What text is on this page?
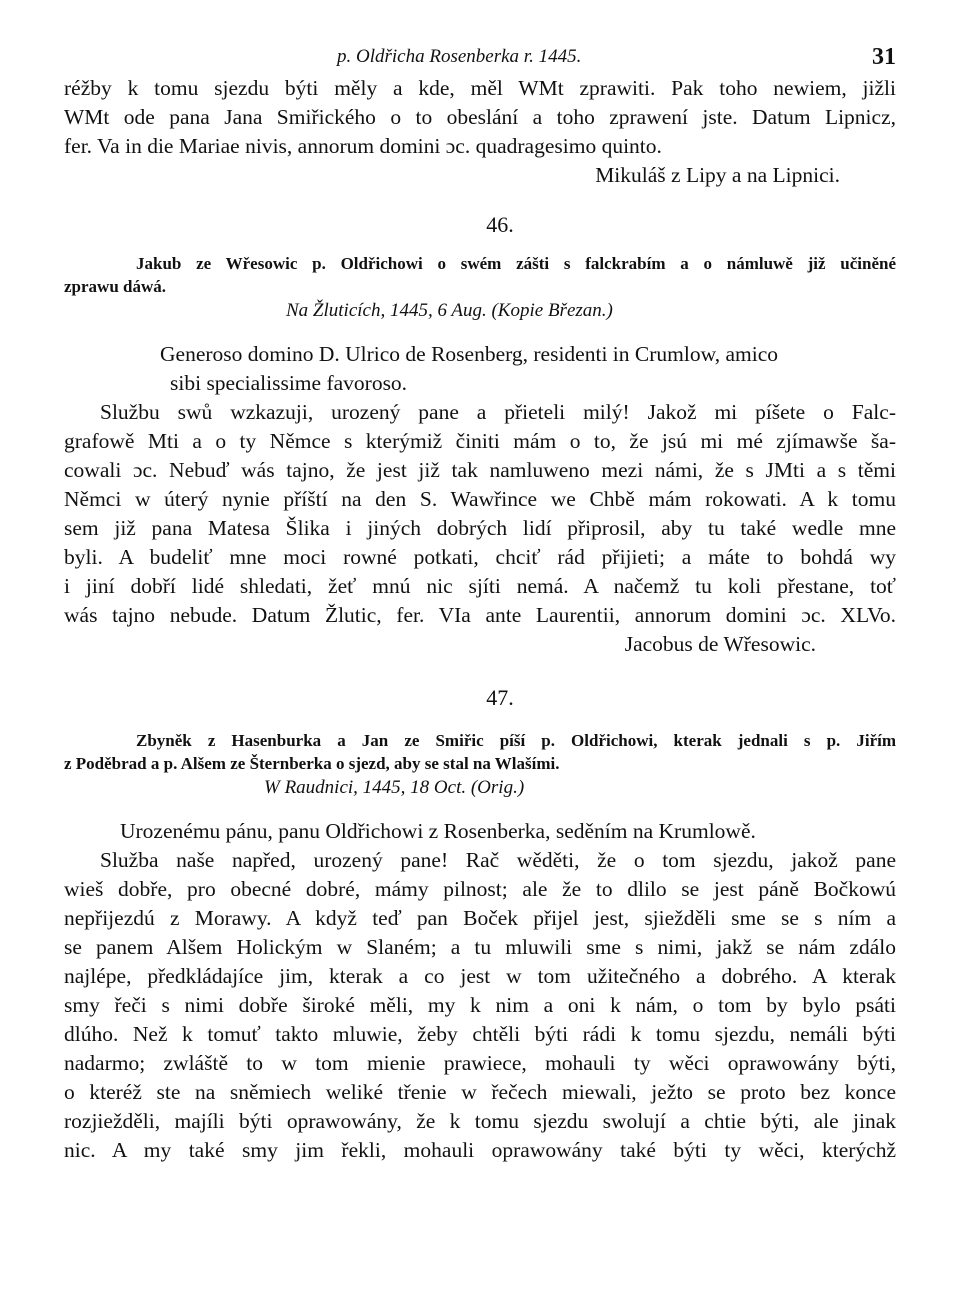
p. Oldřicha Rosenberka r. 1445.	31
réžby k tomu sjezdu býti měly a kde, měl WMt zprawiti. Pak toho newiem, jižli
WMt ode pana Jana Smiřického o to obeslání a toho zprawení jste. Datum Lipnicz,
fer. Va in die Mariae nivis, annorum domini ɔc. quadragesimo quinto.
Mikuláš z Lipy a na Lipnici.
46.
Jakub ze Wřesowic p. Oldřichowi o swém zášti s falckrabím a o námluwě již učiněné
zprawu dáwá.
Na Žluticích, 1445, 6 Aug. (Kopie Březan.)
Generoso domino D. Ulrico de Rosenberg, residenti in Crumlow, amico
sibi specialissime favoroso.
Službu swů wzkazuji, urozený pane a přieteli milý! Jakož mi píšete o Falc-
grafowě Mti a o ty Němce s kterýmiž činiti mám o to, že jsú mi mé zjímawše ša-
cowali ɔc. Nebuď wás tajno, že jest již tak namluweno mezi námi, že s JMti a s těmi
Němci w úterý nynie příští na den S. Wawřince we Chbě mám rokowati. A k tomu
sem již pana Matesa Šlika i jiných dobrých lidí připrosil, aby tu také wedle mne
byli. A budeliť mne moci rowné potkati, chciť rád přijieti; a máte to bohdá wy
i jiní dobří lidé shledati, žeť mnú nic sjíti nemá. A načemž tu koli přestane, toť
wás tajno nebude. Datum Žlutic, fer. VIa ante Laurentii, annorum domini ɔc. XLVo.
Jacobus de Wřesowic.
47.
Zbyněk z Hasenburka a Jan ze Smiřic píší p. Oldřichowi, kterak jednali s p. Jiřím
z Poděbrad a p. Alšem ze Šternberka o sjezd, aby se stal na Wlašími.
W Raudnici, 1445, 18 Oct. (Orig.)
Urozenému pánu, panu Oldřichowi z Rosenberka, seděním na Krumlowě.
Služba naše napřed, urozený pane! Rač wěděti, že o tom sjezdu, jakož pane
wieš dobře, pro obecné dobré, mámy pilnost; ale že to dlilo se jest páně Bočkowú
nepřijezdú z Morawy. A když teď pan Boček přijel jest, sjiežděli sme se s ním a
se panem Alšem Holickým w Slaném; a tu mluwili sme s nimi, jakž se nám zdálo
najlépe, předkládajíce jim, kterak a co jest w tom užitečného a dobrého. A kterak
smy řeči s nimi dobře široké měli, my k nim a oni k nám, o tom by bylo psáti
dlúho. Než k tomuť takto mluwie, žeby chtěli býti rádi k tomu sjezdu, nemáli býti
nadarmo; zwláště to w tom mienie prawiece, mohauli ty wěci oprawowány býti,
o kteréž ste na sněmiech weliké třenie w řečech miewali, ježto se proto bez konce
rozjiežděli, majíli býti oprawowány, že k tomu sjezdu swolují a chtie býti, ale jinak
nic. A my také smy jim řekli, mohauli oprawowány také býti ty wěci, kterýchž
